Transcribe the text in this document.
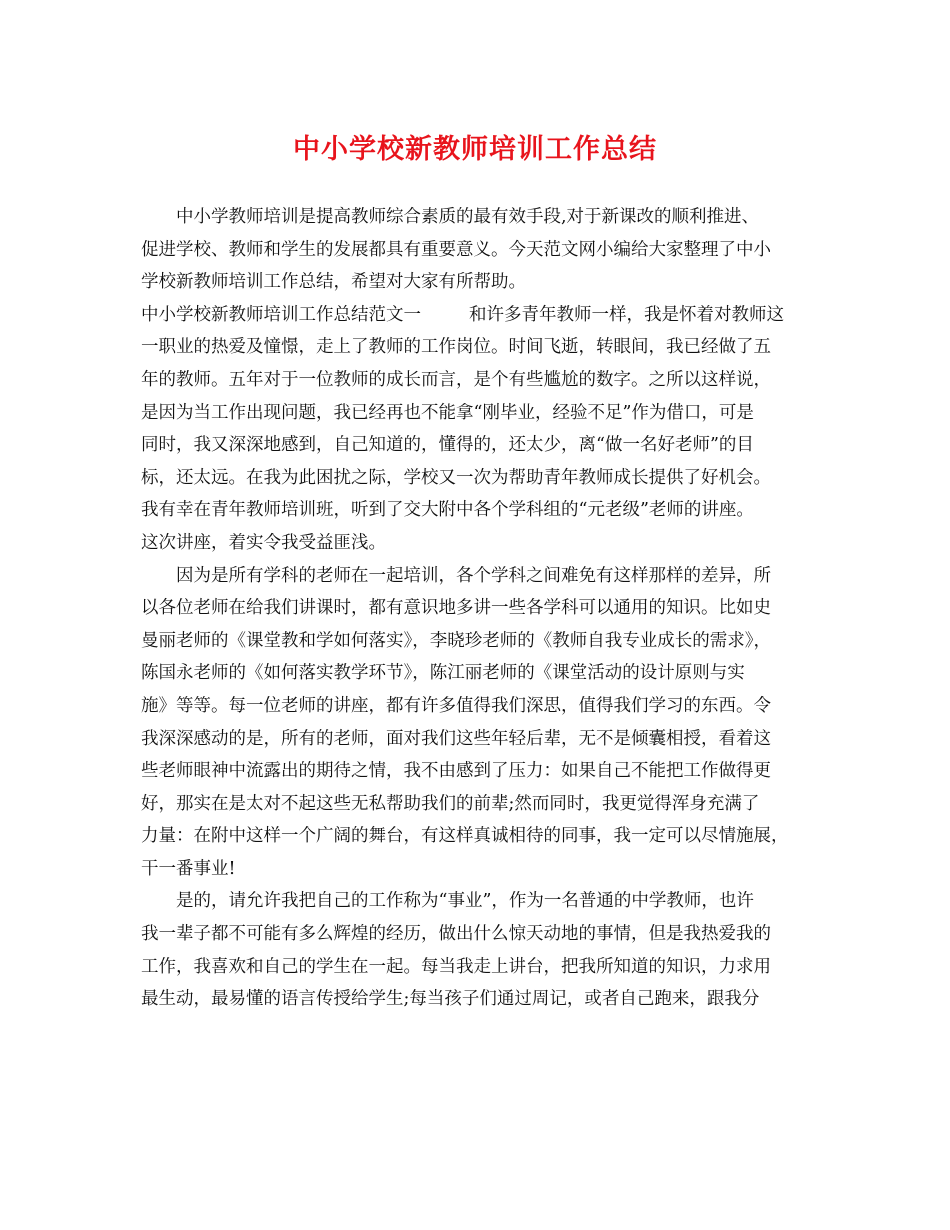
中小学校新教师培训工作总结
中小学教师培训是提高教师综合素质的最有效手段,对于新课改的顺利推进、
促进学校、教师和学生的发展都具有重要意义。今天范文网小编给大家整理了中小
学校新教师培训工作总结，希望对大家有所帮助。
中小学校新教师培训工作总结范文一	和许多青年教师一样，我是怀着对教师这
一职业的热爱及憧憬，走上了教师的工作岗位。时间飞逝，转眼间，我已经做了五
年的教师。五年对于一位教师的成长而言，是个有些尴尬的数字。之所以这样说，
是因为当工作出现问题，我已经再也不能拿“刚毕业，经验不足”作为借口，可是
同时，我又深深地感到，自己知道的，懂得的，还太少，离“做一名好老师”的目
标，还太远。在我为此困扰之际，学校又一次为帮助青年教师成长提供了好机会。
我有幸在青年教师培训班，听到了交大附中各个学科组的“元老级”老师的讲座。
这次讲座，着实令我受益匪浅。
因为是所有学科的老师在一起培训，各个学科之间难免有这样那样的差异，所
以各位老师在给我们讲课时，都有意识地多讲一些各学科可以通用的知识。比如史
曼丽老师的《课堂教和学如何落实》，李晓珍老师的《教师自我专业成长的需求》，
陈国永老师的《如何落实教学环节》，陈江丽老师的《课堂活动的设计原则与实
施》等等。每一位老师的讲座，都有许多值得我们深思，值得我们学习的东西。令
我深深感动的是，所有的老师，面对我们这些年轻后辈，无不是倾囊相授，看着这
些老师眼神中流露出的期待之情，我不由感到了压力：如果自己不能把工作做得更
好，那实在是太对不起这些无私帮助我们的前辈;然而同时，我更觉得浑身充满了
力量：在附中这样一个广阔的舞台，有这样真诚相待的同事，我一定可以尽情施展，
干一番事业!
是的，请允许我把自己的工作称为“事业”，作为一名普通的中学教师，也许
我一辈子都不可能有多么辉煌的经历，做出什么惊天动地的事情，但是我热爱我的
工作，我喜欢和自己的学生在一起。每当我走上讲台，把我所知道的知识，力求用
最生动，最易懂的语言传授给学生;每当孩子们通过周记，或者自己跑来，跟我分
